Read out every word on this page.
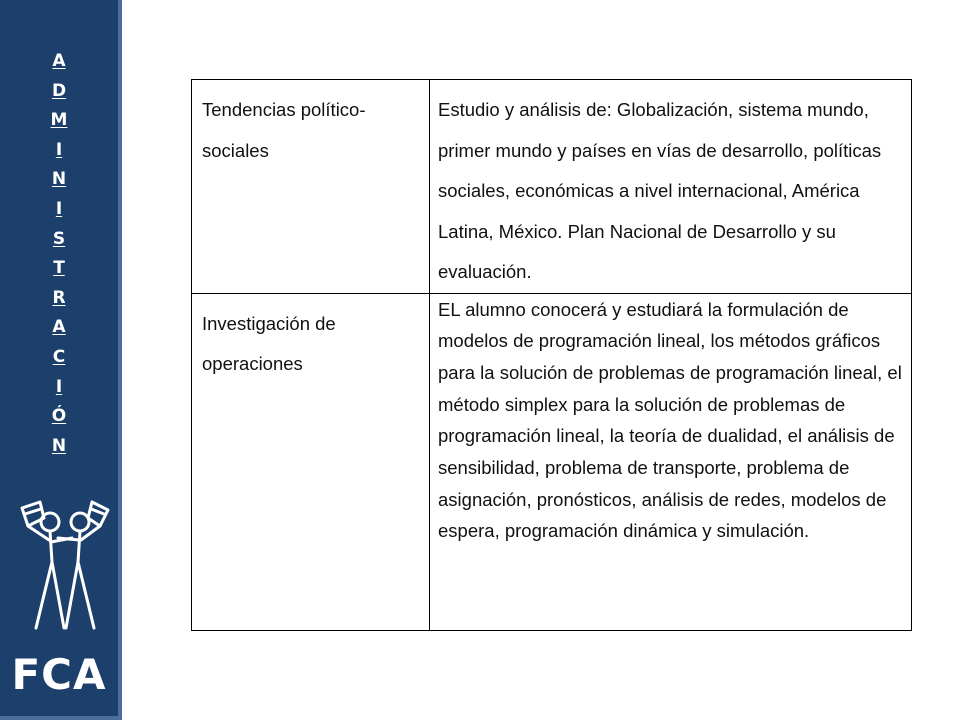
A
D
M
I
N
I
S
T
R
A
C
I
Ó
N
FCA
Tendencias político-sociales	Estudio y análisis de: Globalización, sistema mundo, primer mundo y países en vías de desarrollo, políticas sociales, económicas a nivel internacional, América Latina, México. Plan Nacional de Desarrollo y su evaluación.
Investigación de operaciones	EL alumno conocerá y estudiará la formulación de modelos de programación lineal, los métodos gráficos para la solución de problemas de programación lineal, el método simplex para la solución de problemas de programación lineal, la teoría de dualidad, el análisis de sensibilidad, problema de transporte, problema de asignación, pronósticos, análisis de redes, modelos de espera, programación dinámica y simulación.
